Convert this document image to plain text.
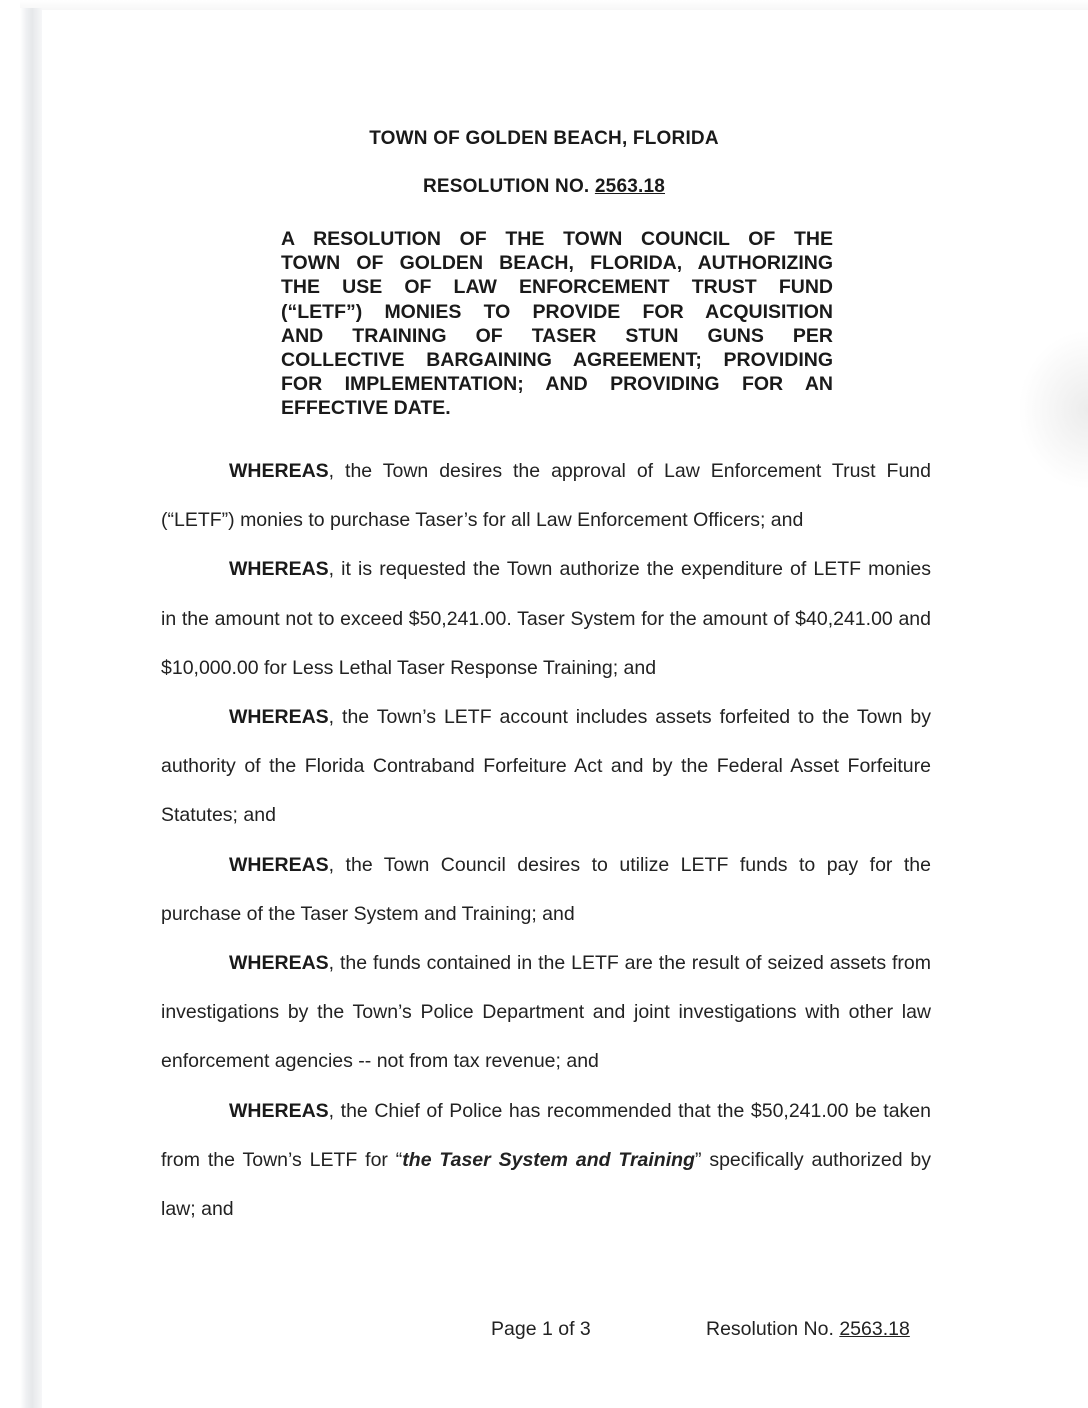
TOWN OF GOLDEN BEACH, FLORIDA
RESOLUTION NO. 2563.18
A RESOLUTION OF THE TOWN COUNCIL OF THE
TOWN OF GOLDEN BEACH, FLORIDA, AUTHORIZING
THE USE OF LAW ENFORCEMENT TRUST FUND
(“LETF”) MONIES TO PROVIDE FOR ACQUISITION
AND TRAINING OF TASER STUN GUNS PER
COLLECTIVE BARGAINING AGREEMENT; PROVIDING
FOR IMPLEMENTATION; AND PROVIDING FOR AN
EFFECTIVE DATE.

WHEREAS, the Town desires the approval of Law Enforcement Trust Fund (“LETF”) monies to purchase Taser’s for all Law Enforcement Officers; and

WHEREAS, it is requested the Town authorize the expenditure of LETF monies in the amount not to exceed $50,241.00. Taser System for the amount of $40,241.00 and $10,000.00 for Less Lethal Taser Response Training; and

WHEREAS, the Town’s LETF account includes assets forfeited to the Town by authority of the Florida Contraband Forfeiture Act and by the Federal Asset Forfeiture Statutes; and

WHEREAS, the Town Council desires to utilize LETF funds to pay for the purchase of the Taser System and Training; and

WHEREAS, the funds contained in the LETF are the result of seized assets from investigations by the Town’s Police Department and joint investigations with other law enforcement agencies -- not from tax revenue; and

WHEREAS, the Chief of Police has recommended that the $50,241.00 be taken from the Town’s LETF for “the Taser System and Training” specifically authorized by law; and

Page 1 of 3	Resolution No. 2563.18
